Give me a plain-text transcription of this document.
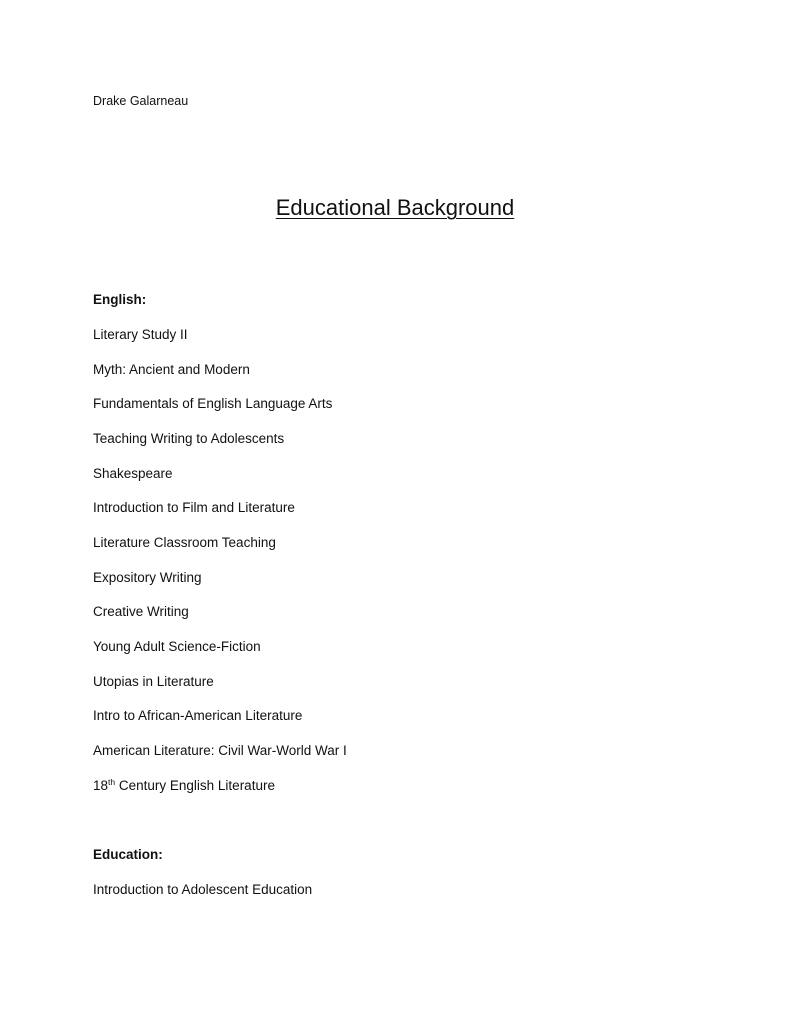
Drake Galarneau
Educational Background
English:
Literary Study II
Myth: Ancient and Modern
Fundamentals of English Language Arts
Teaching Writing to Adolescents
Shakespeare
Introduction to Film and Literature
Literature Classroom Teaching
Expository Writing
Creative Writing
Young Adult Science-Fiction
Utopias in Literature
Intro to African-American Literature
American Literature: Civil War-World War I
18th Century English Literature
Education:
Introduction to Adolescent Education
